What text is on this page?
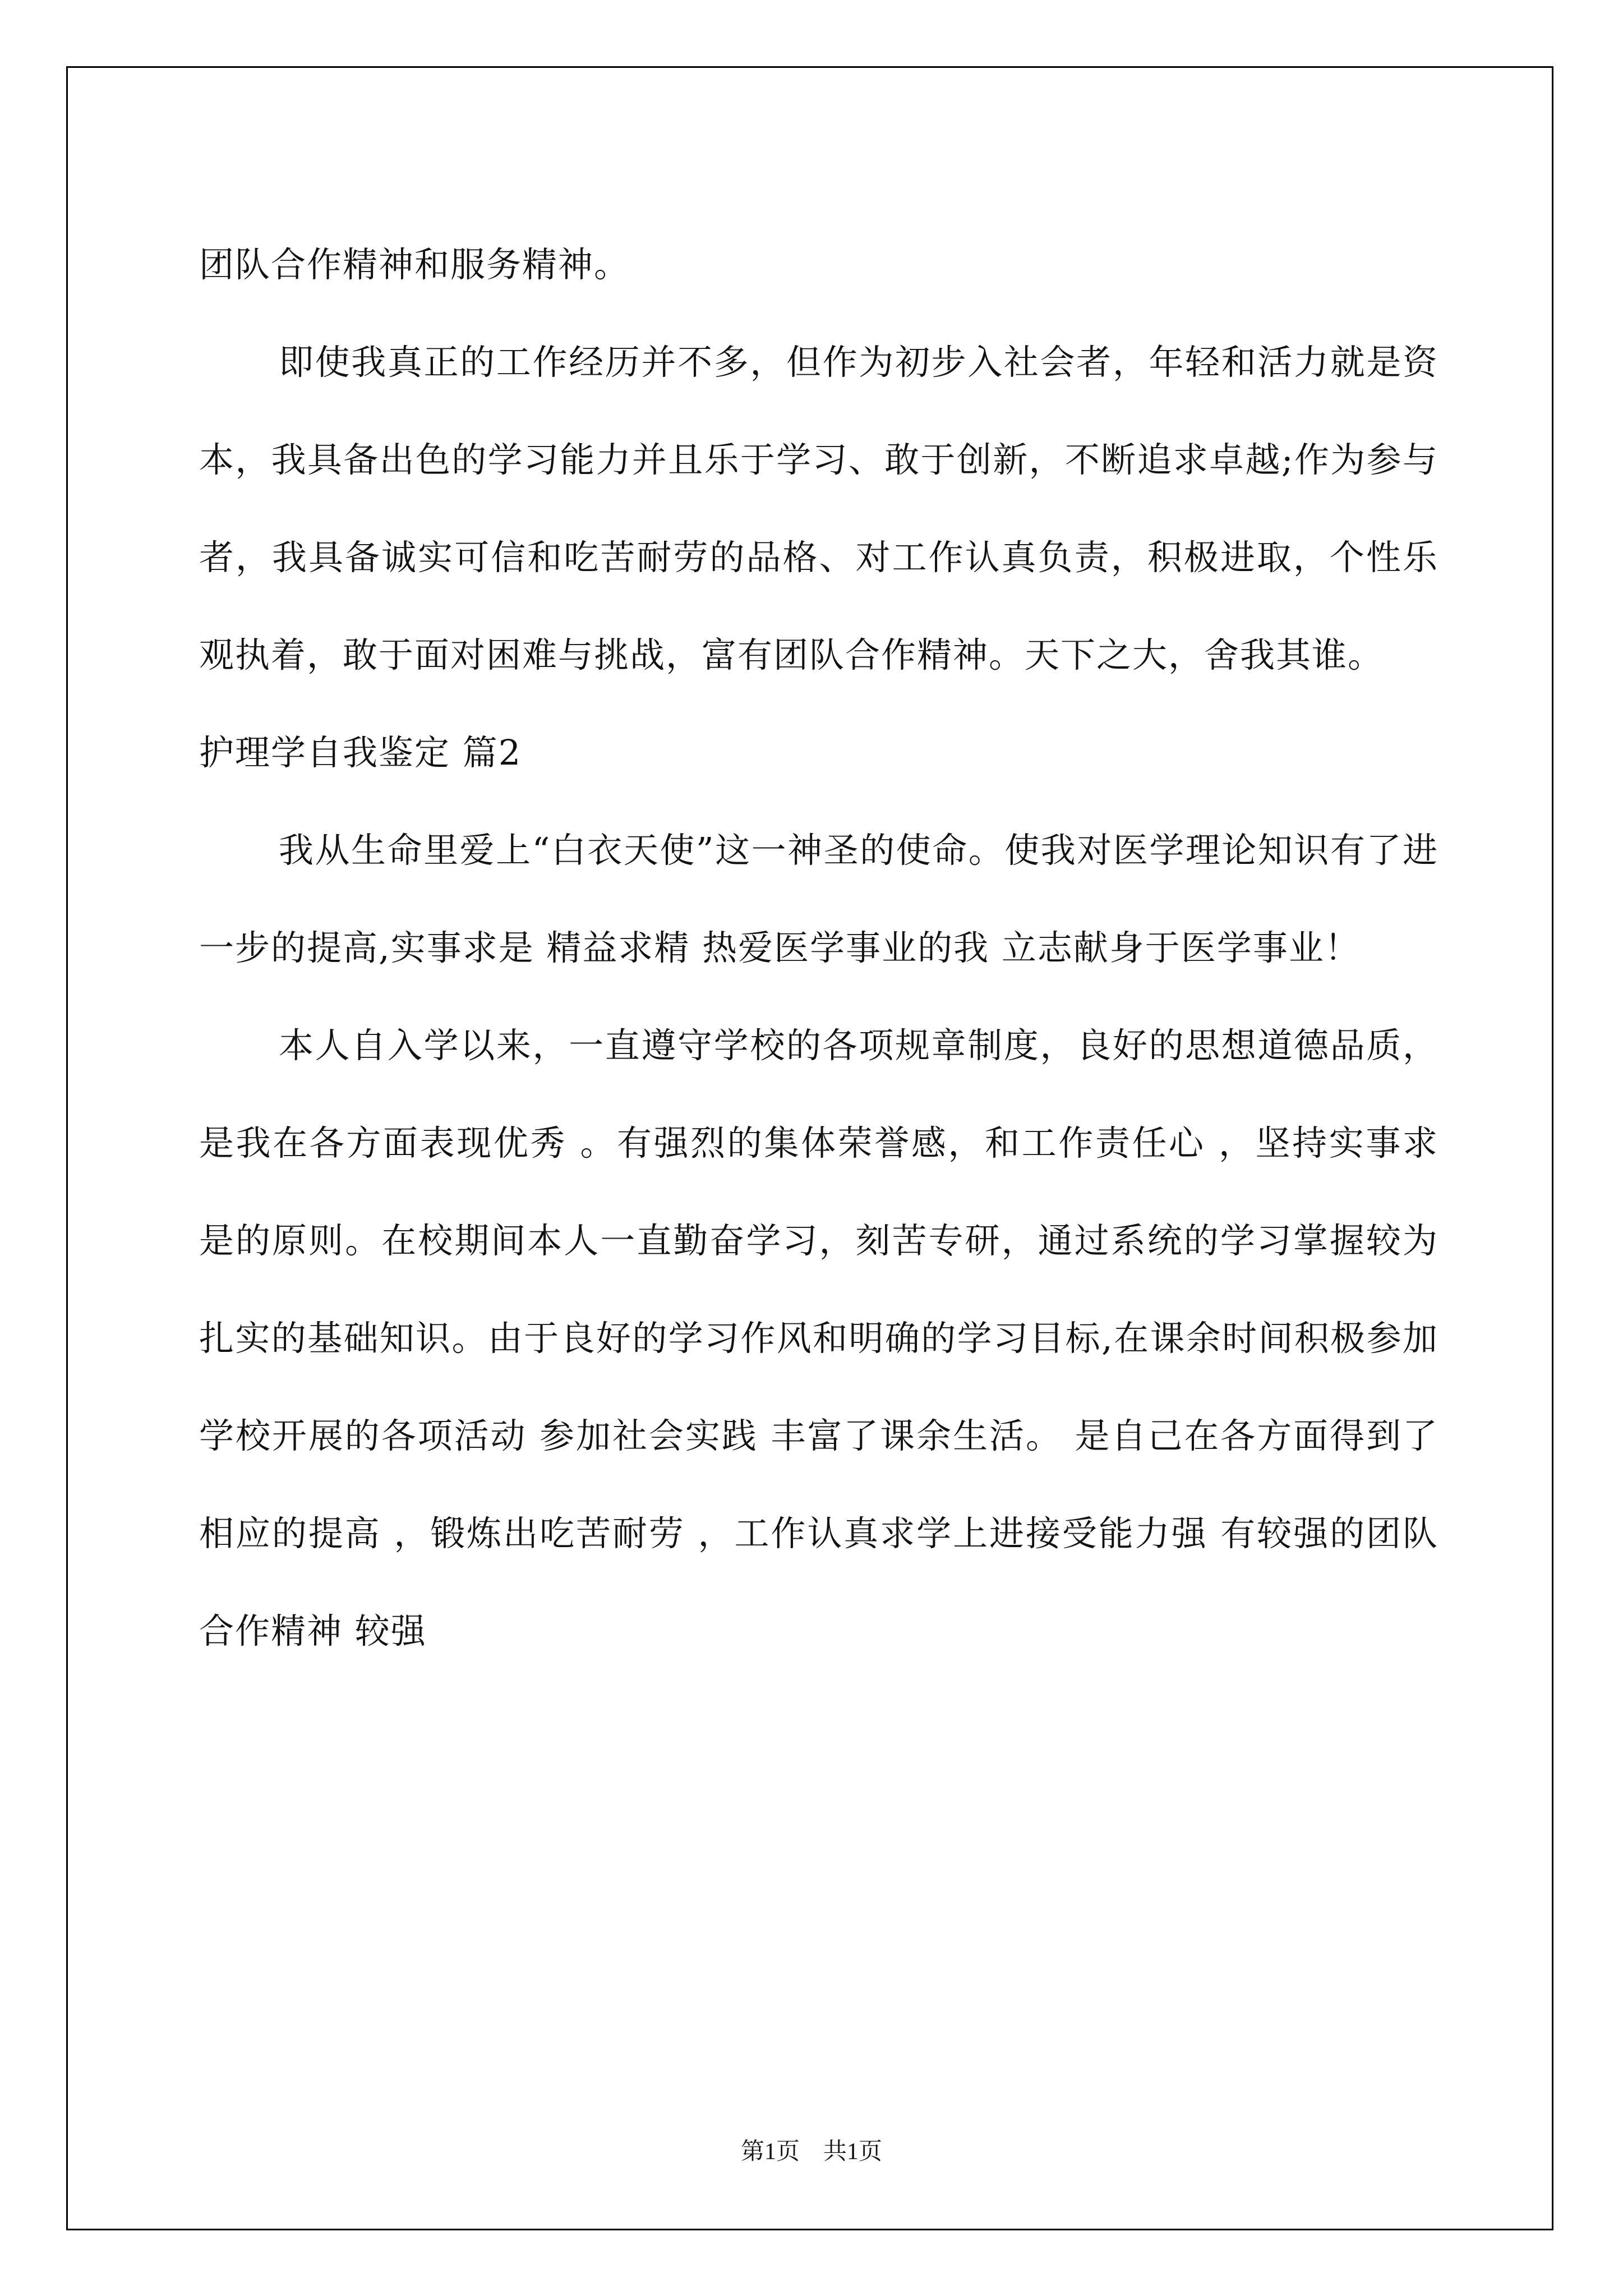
团队合作精神和服务精神。

即使我真正的工作经历并不多，但作为初步入社会者，年轻和活力就是资本，我具备出色的学习能力并且乐于学习、敢于创新，不断追求卓越;作为参与者，我具备诚实可信和吃苦耐劳的品格、对工作认真负责，积极进取，个性乐观执着，敢于面对困难与挑战，富有团队合作精神。天下之大，舍我其谁。

护理学自我鉴定 篇2

我从生命里爱上“白衣天使”这一神圣的使命。使我对医学理论知识有了进一步的提高,实事求是 精益求精 热爱医学事业的我 立志献身于医学事业！

本人自入学以来，一直遵守学校的各项规章制度，良好的思想道德品质，是我在各方面表现优秀 。有强烈的集体荣誉感，和工作责任心 ，坚持实事求是的原则。在校期间本人一直勤奋学习，刻苦专研，通过系统的学习掌握较为扎实的基础知识。由于良好的学习作风和明确的学习目标,在课余时间积极参加学校开展的各项活动 参加社会实践 丰富了课余生活。 是自己在各方面得到了相应的提高 ，锻炼出吃苦耐劳 ，工作认真求学上进接受能力强 有较强的团队合作精神 较强

第1页　共1页
